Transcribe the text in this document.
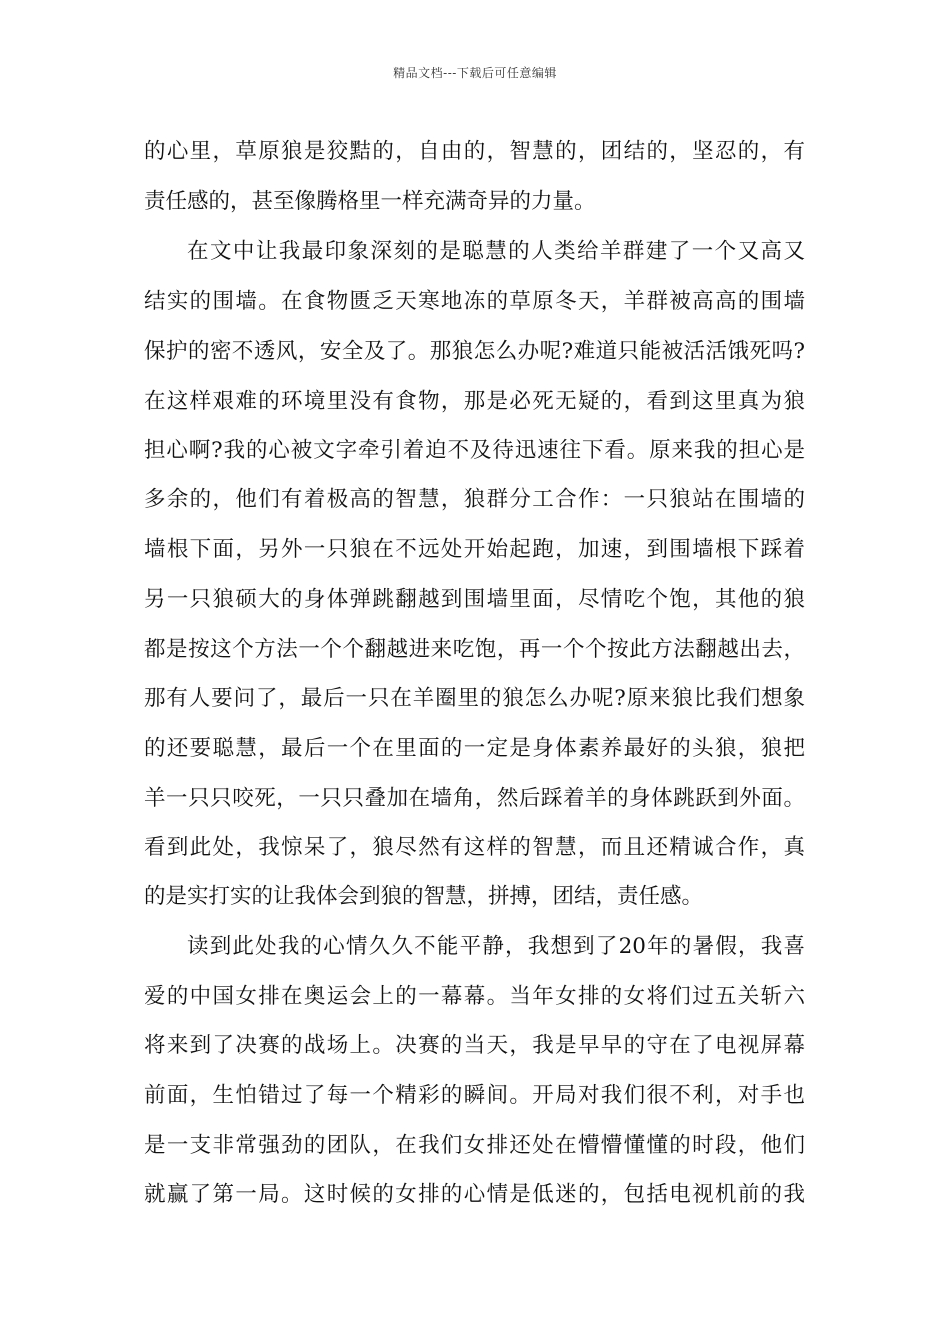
精品文档---下载后可任意编辑
的心里，草原狼是狡黠的，自由的，智慧的，团结的，坚忍的，有
责任感的，甚至像腾格里一样充满奇异的力量。
在文中让我最印象深刻的是聪慧的人类给羊群建了一个又高又
结实的围墙。在食物匮乏天寒地冻的草原冬天，羊群被高高的围墙
保护的密不透风，安全及了。那狼怎么办呢?难道只能被活活饿死吗?
在这样艰难的环境里没有食物，那是必死无疑的，看到这里真为狼
担心啊?我的心被文字牵引着迫不及待迅速往下看。原来我的担心是
多余的，他们有着极高的智慧，狼群分工合作：一只狼站在围墙的
墙根下面，另外一只狼在不远处开始起跑，加速，到围墙根下踩着
另一只狼硕大的身体弹跳翻越到围墙里面，尽情吃个饱，其他的狼
都是按这个方法一个个翻越进来吃饱，再一个个按此方法翻越出去，
那有人要问了，最后一只在羊圈里的狼怎么办呢?原来狼比我们想象
的还要聪慧，最后一个在里面的一定是身体素养最好的头狼，狼把
羊一只只咬死，一只只叠加在墙角，然后踩着羊的身体跳跃到外面。
看到此处，我惊呆了，狼尽然有这样的智慧，而且还精诚合作，真
的是实打实的让我体会到狼的智慧，拼搏，团结，责任感。
读到此处我的心情久久不能平静，我想到了20年的暑假，我喜
爱的中国女排在奥运会上的一幕幕。当年女排的女将们过五关斩六
将来到了决赛的战场上。决赛的当天，我是早早的守在了电视屏幕
前面，生怕错过了每一个精彩的瞬间。开局对我们很不利，对手也
是一支非常强劲的团队，在我们女排还处在懵懵懂懂的时段，他们
就赢了第一局。这时候的女排的心情是低迷的，包括电视机前的我
